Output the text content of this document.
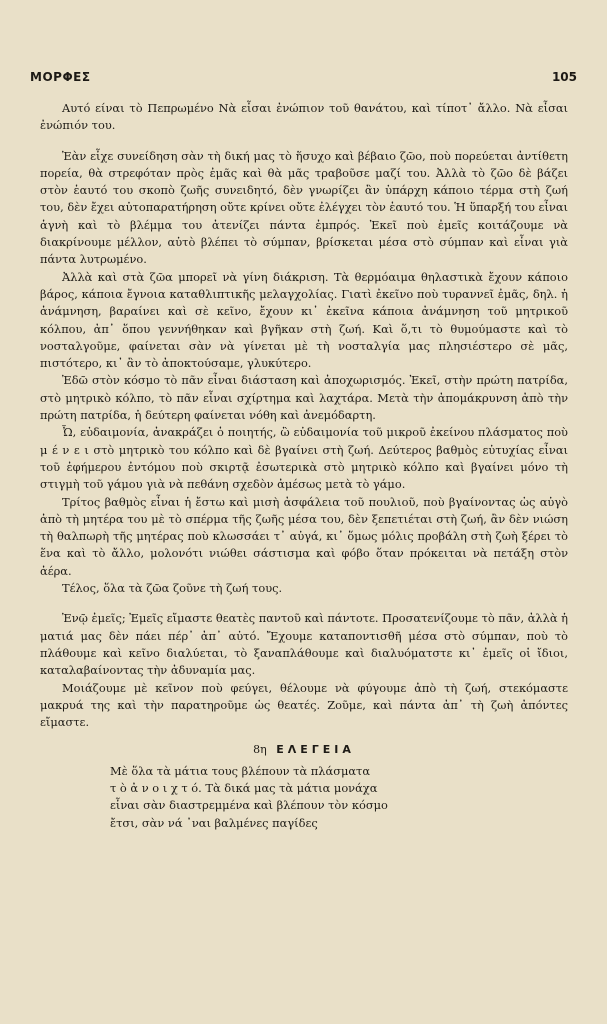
ΜΟΡΦΕΣ	105

Αυτό είναι τὸ Πεπρωμένο Νὰ εἶσαι ἐνώπιον τοῦ θανάτου, καὶ τίποτ᾿ ἄλλο. Νὰ εἶσαι ἐνώπιόν του.

Ἐὰν εἶχε συνείδηση σὰν τὴ δική μας τὸ ἥσυχο καὶ βέβαιο ζῶο, ποὺ πορεύεται ἀντίθετη πορεία, θὰ στρεφόταν πρὸς ἐμᾶς καὶ θὰ μᾶς τραβοῦσε μαζί του. Ἀλλὰ τὸ ζῶο δὲ βάζει στὸν ἑαυτό του σκοπὸ ζωῆς συνειδητό, δὲν γνωρίζει ἂν ὑπάρχη κάποιο τέρμα στὴ ζωή του, δὲν ἔχει αὐτοπαρατήρηση οὔτε κρίνει οὔτε ἐλέγχει τὸν ἑαυτό του. Ἡ ὕπαρξή του εἶναι ἁγνὴ καὶ τὸ βλέμμα του ἀτενίζει πάντα ἐμπρός. Ἐκεῖ ποὺ ἐμεῖς κοιτάζουμε νὰ διακρίνουμε μέλλον, αὐτὸ βλέπει τὸ σύμπαν, βρίσκεται μέσα στὸ σύμπαν καὶ εἶναι γιὰ πάντα λυτρωμένο.

Ἀλλὰ καὶ στὰ ζῶα μπορεῖ νὰ γίνη διάκριση. Τὰ θερμόαιμα θηλαστικὰ ἔχουν κάποιο βάρος, κάποια ἔγνοια καταθλιπτικῆς μελαγχολίας. Γιατὶ ἐκεῖνο ποὺ τυραννεῖ ἐμᾶς, δηλ. ἡ ἀνάμνηση, βαραίνει καὶ σὲ κεῖνο, ἔχουν κι᾿ ἐκεῖνα κάποια ἀνάμνηση τοῦ μητρικοῦ κόλπου, ἀπ᾿ ὅπου γεννήθηκαν καὶ βγῆκαν στὴ ζωή. Καὶ ὅ,τι τὸ θυμούμαστε καὶ τὸ νοσταλγοῦμε, φαίνεται σὰν νὰ γίνεται μὲ τὴ νοσταλγία μας πλησιέστερο σὲ μᾶς, πιστότερο, κι᾿ ἂν τὸ ἀποκτούσαμε, γλυκύτερο.

Ἐδῶ στὸν κόσμο τὸ πᾶν εἶναι διάσταση καὶ ἀποχωρισμός. Ἐκεῖ, στὴν πρώτη πατρίδα, στὸ μητρικὸ κόλπο, τὸ πᾶν εἶναι σχίρτημα καὶ λαχτάρα. Μετὰ τὴν ἀπομάκρυνση ἀπὸ τὴν πρώτη πατρίδα, ἡ δεύτερη φαίνεται νόθη καὶ ἀνεμόδαρτη.

Ὦ, εὐδαιμονία, ἀνακράζει ὁ ποιητής, ὢ εὐδαιμονία τοῦ μικροῦ ἐκείνου πλάσματος ποὺ μ έ ν ε ι στὸ μητρικὸ του κόλπο καὶ δὲ βγαίνει στὴ ζωή. Δεύτερος βαθμὸς εὐτυχίας εἶναι τοῦ ἐφήμερου ἐντόμου ποὺ σκιρτᾷ ἐσωτερικὰ στὸ μητρικὸ κόλπο καὶ βγαίνει μόνο τὴ στιγμὴ τοῦ γάμου γιὰ νὰ πεθάνη σχεδὸν ἀμέσως μετὰ τὸ γάμο.

Τρίτος βαθμὸς εἶναι ἡ ἔστω καὶ μισὴ ἀσφάλεια τοῦ πουλιοῦ, ποὺ βγαίνοντας ὡς αὐγὸ ἀπὸ τὴ μητέρα του μὲ τὸ σπέρμα τῆς ζωῆς μέσα του, δὲν ξεπετιέται στὴ ζωή, ἂν δὲν νιώση τὴ θαλπωρὴ τῆς μητέρας ποὺ κλωσσάει τ᾿ αὐγά, κι᾿ ὅμως μόλις προβάλη στὴ ζωὴ ξέρει τὸ ἕνα καὶ τὸ ἄλλο, μολονότι νιώθει σάστισμα καὶ φόβο ὅταν πρόκειται νὰ πετάξη στὸν ἀέρα.

Τέλος, ὅλα τὰ ζῶα ζοῦνε τὴ ζωή τους.

Ἐνῷ ἐμεῖς; Ἐμεῖς εἴμαστε θεατὲς παντοῦ καὶ πάντοτε. Προσατενίζουμε τὸ πᾶν, ἀλλὰ ἡ ματιά μας δὲν πάει πέρ᾿ ἀπ᾿ αὐτό. Ἔχουμε καταποντισθῆ μέσα στὸ σύμπαν, ποὺ τὸ πλάθουμε καὶ κεῖνο διαλύεται, τὸ ξαναπλάθουμε καὶ διαλυόματστε κι᾿ ἐμεῖς οἱ ἴδιοι, καταλαβαίνοντας τὴν ἀδυναμία μας.

Μοιάζουμε μὲ κεῖνον ποὺ φεύγει, θέλουμε νὰ φύγουμε ἀπὸ τὴ ζωή, στεκόμαστε μακρυά της καὶ τὴν παρατηροῦμε ὡς θεατές. Ζοῦμε, καὶ πάντα ἀπ᾿ τὴ ζωὴ ἀπόντες εἴμαστε.

8η ΕΛΕΓΕΙΑ
Μὲ ὅλα τὰ μάτια τους βλέπουν τὰ πλάσματα
τ ὸ ἀ ν ο ι χ τ ό. Τὰ δικά μας τὰ μάτια μονάχα
εἶναι σὰν διαστρεμμένα καὶ βλέπουν τὸν κόσμο
ἔτσι, σὰν νά ᾿ναι βαλμένες παγίδες
